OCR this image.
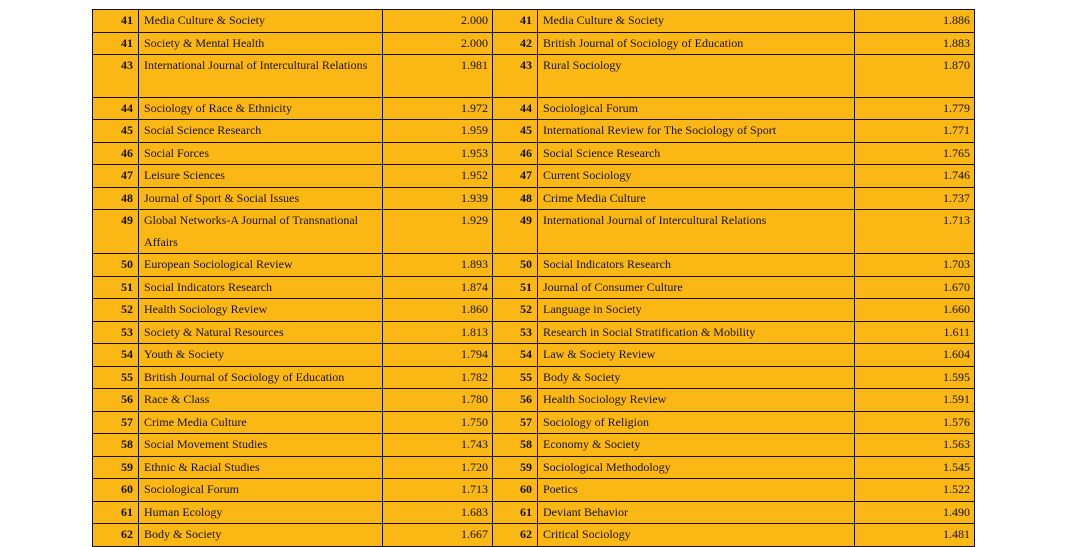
41	Media Culture & Society	2.000	41	Media Culture & Society	1.886
41	Society & Mental Health	2.000	42	British Journal of Sociology of Education	1.883
43	International Journal of Intercultural Relations	1.981	43	Rural Sociology	1.870
44	Sociology of Race & Ethnicity	1.972	44	Sociological Forum	1.779
45	Social Science Research	1.959	45	International Review for The Sociology of Sport	1.771
46	Social Forces	1.953	46	Social Science Research	1.765
47	Leisure Sciences	1.952	47	Current Sociology	1.746
48	Journal of Sport & Social Issues	1.939	48	Crime Media Culture	1.737
49	Global Networks-A Journal of Transnational Affairs	1.929	49	International Journal of Intercultural Relations	1.713
50	European Sociological Review	1.893	50	Social Indicators Research	1.703
51	Social Indicators Research	1.874	51	Journal of Consumer Culture	1.670
52	Health Sociology Review	1.860	52	Language in Society	1.660
53	Society & Natural Resources	1.813	53	Research in Social Stratification & Mobility	1.611
54	Youth & Society	1.794	54	Law & Society Review	1.604
55	British Journal of Sociology of Education	1.782	55	Body & Society	1.595
56	Race & Class	1.780	56	Health Sociology Review	1.591
57	Crime Media Culture	1.750	57	Sociology of Religion	1.576
58	Social Movement Studies	1.743	58	Economy & Society	1.563
59	Ethnic & Racial Studies	1.720	59	Sociological Methodology	1.545
60	Sociological Forum	1.713	60	Poetics	1.522
61	Human Ecology	1.683	61	Deviant Behavior	1.490
62	Body & Society	1.667	62	Critical Sociology	1.481
